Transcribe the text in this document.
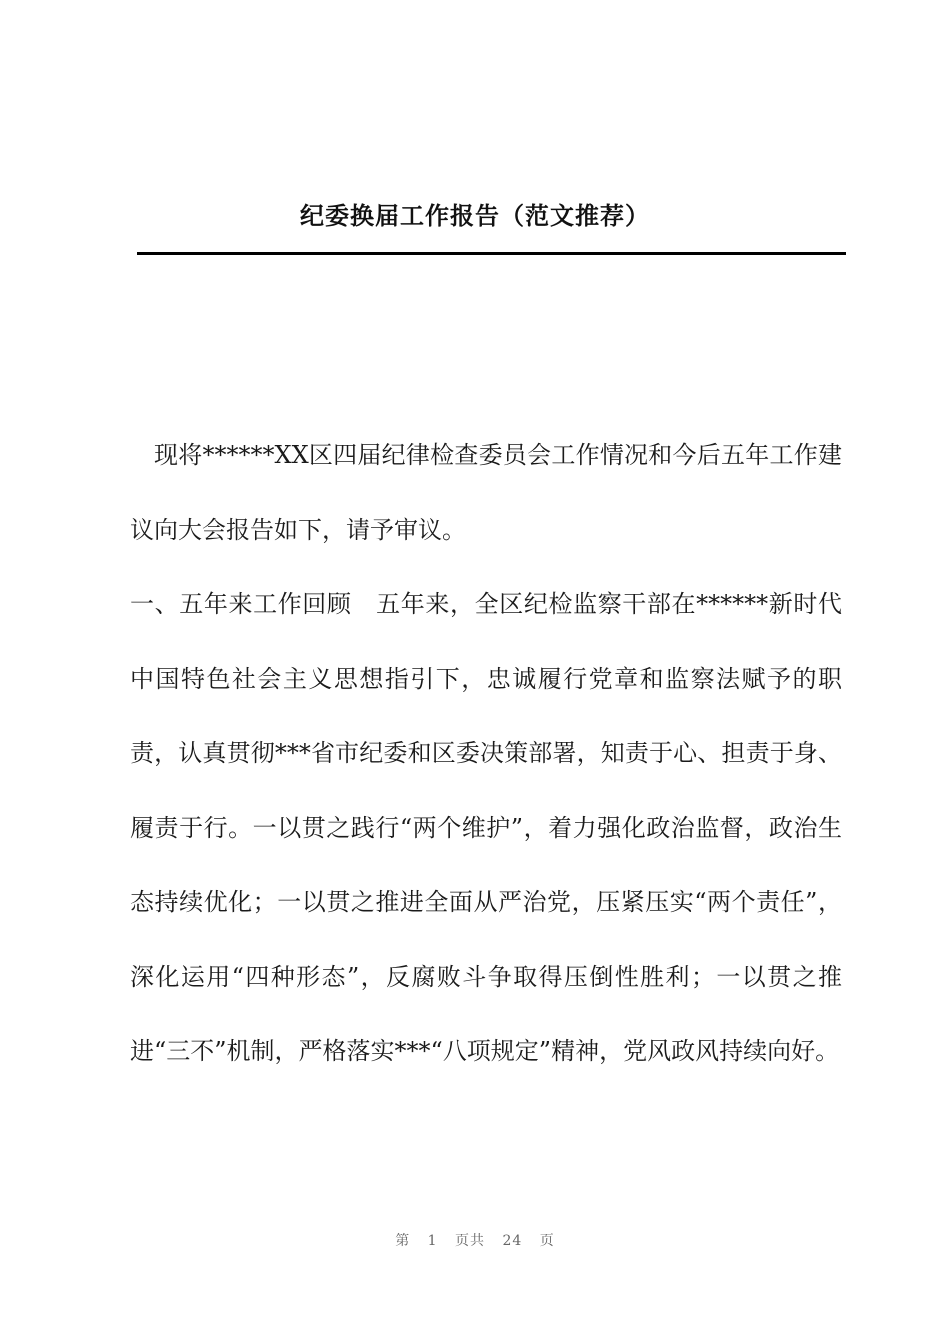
纪委换届工作报告（范文推荐）

现将******XX区四届纪律检查委员会工作情况和今后五年工作建议向大会报告如下，请予审议。

一、五年来工作回顾　五年来，全区纪检监察干部在******新时代中国特色社会主义思想指引下，忠诚履行党章和监察法赋予的职责，认真贯彻***省市纪委和区委决策部署，知责于心、担责于身、履责于行。一以贯之践行“两个维护”，着力强化政治监督，政治生态持续优化；一以贯之推进全面从严治党，压紧压实“两个责任”，深化运用“四种形态”，反腐败斗争取得压倒性胜利；一以贯之推进“三不”机制，严格落实***“八项规定”精神，党风政风持续向好。

第 1 页共 24 页
